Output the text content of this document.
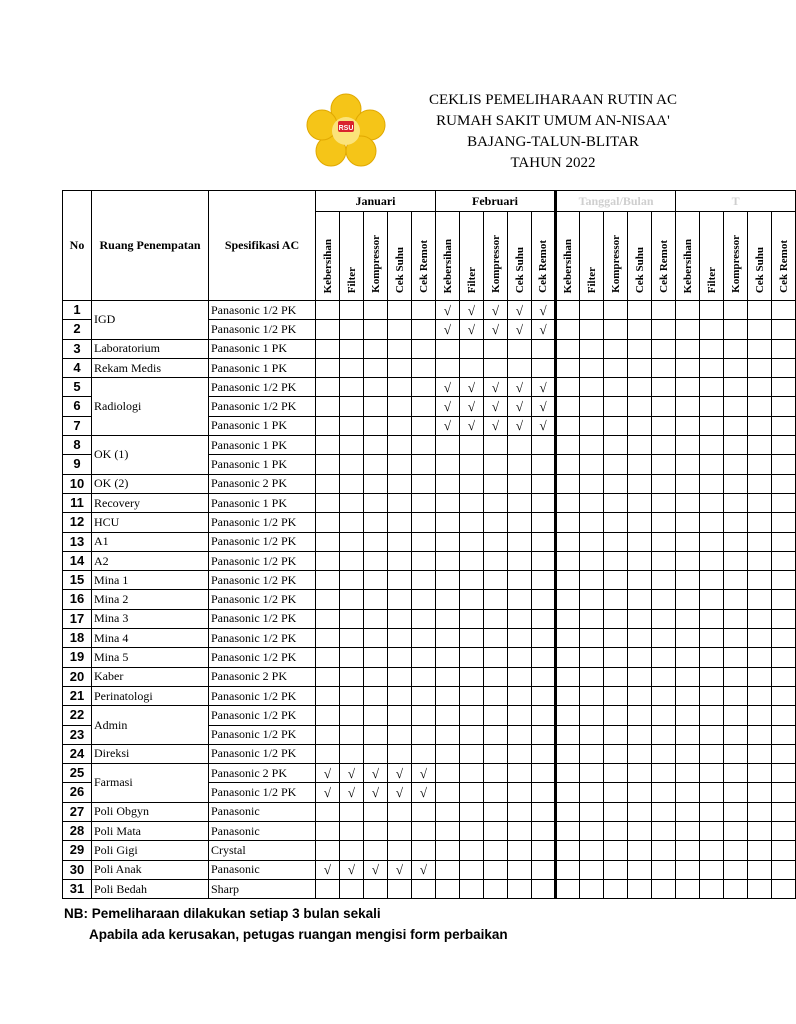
RSU
CEKLIS PEMELIHARAAN RUTIN AC
RUMAH SAKIT UMUM AN-NISAA'
BAJANG-TALUN-BLITAR
TAHUN 2022
No	Ruang Penempatan	Spesifikasi AC	Januari					Februari					Tanggal/Bulan					T				
			Kebersihan	Filter	Kompressor	Cek Suhu	Cek Remot	Kebersihan	Filter	Kompressor	Cek Suhu	Cek Remot	Kebersihan	Filter	Kompressor	Cek Suhu	Cek Remot	Kebersihan	Filter	Kompressor	Cek Suhu	Cek Remot
1	IGD	Panasonic 1/2 PK						√	√	√	√	√										
2		Panasonic 1/2 PK						√	√	√	√	√										
3	Laboratorium	Panasonic 1 PK																				
4	Rekam Medis	Panasonic 1 PK																				
5	Radiologi	Panasonic 1/2 PK						√	√	√	√	√										
6		Panasonic 1/2 PK						√	√	√	√	√										
7		Panasonic 1 PK						√	√	√	√	√										
8	OK (1)	Panasonic 1 PK																				
9		Panasonic 1 PK																				
10	OK (2)	Panasonic 2 PK																				
11	Recovery	Panasonic 1 PK																				
12	HCU	Panasonic 1/2 PK																				
13	A1	Panasonic 1/2 PK																				
14	A2	Panasonic 1/2 PK																				
15	Mina 1	Panasonic 1/2 PK																				
16	Mina 2	Panasonic 1/2 PK																				
17	Mina 3	Panasonic 1/2 PK																				
18	Mina 4	Panasonic 1/2 PK																				
19	Mina 5	Panasonic 1/2 PK																				
20	Kaber	Panasonic 2 PK																				
21	Perinatologi	Panasonic 1/2 PK																				
22	Admin	Panasonic 1/2 PK																				
23		Panasonic 1/2 PK																				
24	Direksi	Panasonic 1/2 PK																				
25	Farmasi	Panasonic 2 PK	√	√	√	√	√															
26		Panasonic 1/2 PK	√	√	√	√	√															
27	Poli Obgyn	Panasonic																				
28	Poli Mata	Panasonic																				
29	Poli Gigi	Crystal																				
30	Poli Anak	Panasonic	√	√	√	√	√															
31	Poli Bedah	Sharp																				
NB: Pemeliharaan dilakukan setiap 3 bulan sekali
Apabila ada kerusakan, petugas ruangan mengisi form perbaikan
